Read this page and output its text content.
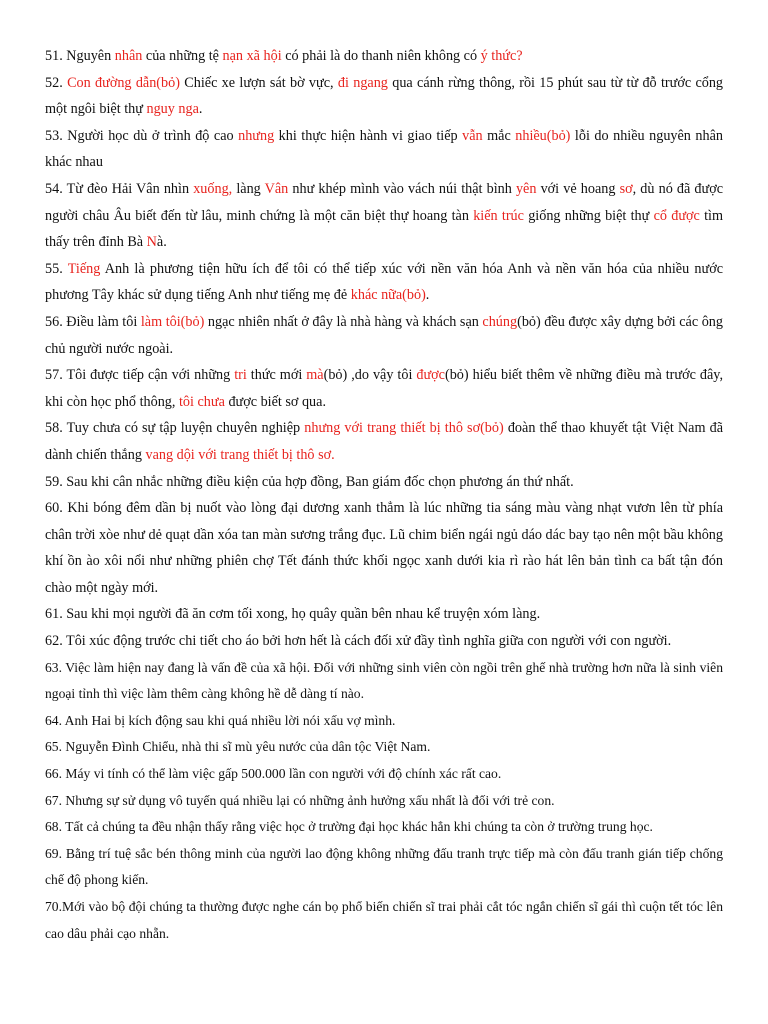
51. Nguyên nhân của những tệ nạn xã hội có phải là do thanh niên không có ý thức?

52. Con đường dẫn(bỏ) Chiếc xe lượn sát bờ vực, đi ngang qua cánh rừng thông, rồi 15 phút sau từ từ đỗ trước cổng một ngôi biệt thự nguy nga.

53. Người học dù ở trình độ cao nhưng khi thực hiện hành vi giao tiếp vẫn mắc nhiều(bỏ) lỗi do nhiều nguyên nhân khác nhau

54. Từ đèo Hải Vân nhìn xuống, làng Vân như khép mình vào vách núi thật bình yên với vẻ hoang sơ, dù nó đã được người châu Âu biết đến từ lâu, minh chứng là một căn biệt thự hoang tàn kiến trúc giống những biệt thự cổ được tìm thấy trên đỉnh Bà Nà.

55. Tiếng Anh là phương tiện hữu ích để tôi có thể tiếp xúc với nền văn hóa Anh và nền văn hóa của nhiều nước phương Tây khác sử dụng tiếng Anh như tiếng mẹ đẻ khác nữa(bỏ).

56. Điều làm tôi làm tôi(bỏ) ngạc nhiên nhất ở đây là nhà hàng và khách sạn chúng(bỏ) đều được xây dựng bởi các ông chủ người nước ngoài.

57. Tôi được tiếp cận với những tri thức mới mà(bỏ) ,do vậy tôi được(bỏ) hiểu biết thêm về những điều mà trước đây, khi còn học phổ thông, tôi chưa được biết sơ qua.

58. Tuy chưa có sự tập luyện chuyên nghiệp nhưng với trang thiết bị thô sơ(bỏ) đoàn thể thao khuyết tật Việt Nam đã dành chiến thắng vang dội với trang thiết bị thô sơ.

59. Sau khi cân nhắc những điều kiện của hợp đồng, Ban giám đốc chọn phương án thứ nhất.

60. Khi bóng đêm dần bị nuốt vào lòng đại dương xanh thẳm là lúc những tia sáng màu vàng nhạt vươn lên từ phía chân trời xòe như dẻ quạt dần xóa tan màn sương trắng đục. Lũ chim biển ngái ngủ dáo dác bay tạo nên một bầu không khí ồn ào xôi nổi như những phiên chợ Tết đánh thức khối ngọc xanh dưới kia rì rào hát lên bản tình ca bất tận đón chào một ngày mới.

61. Sau khi mọi người đã ăn cơm tối xong, họ quây quần bên nhau kể truyện xóm làng.

62. Tôi xúc động trước chi tiết cho áo bởi hơn hết là cách đối xử đầy tình nghĩa giữa con người với con người.

63. Việc làm hiện nay đang là vấn đề của xã hội. Đối với những sinh viên còn ngồi trên ghế nhà trường hơn nữa là sinh viên ngoại tỉnh thì việc làm thêm càng không hề dễ dàng tí nào.

64. Anh Hai bị kích động sau khi quá nhiều lời nói xấu vợ mình.

65. Nguyễn Đình Chiểu, nhà thi sĩ mù yêu nước của dân tộc Việt Nam.

66. Máy vi tính có thể làm việc gấp 500.000 lần con người với độ chính xác rất cao.

67. Nhưng sự sử dụng vô tuyến quá nhiều lại có những ảnh hưởng xấu nhất là đối với trẻ con.

68. Tất cả chúng ta đều nhận thấy rằng việc học ở trường đại học khác hẳn khi chúng ta còn ở trường trung học.

69. Bằng trí tuệ sắc bén thông minh của người lao động không những đấu tranh trực tiếp mà còn đấu tranh gián tiếp chống chế độ phong kiến.

70.Mới vào bộ đội chúng ta thường được nghe cán bọ phổ biến chiến sĩ trai phải cắt tóc ngắn chiến sĩ gái thì cuộn tết tóc lên cao dâu phải cạo nhẵn.
